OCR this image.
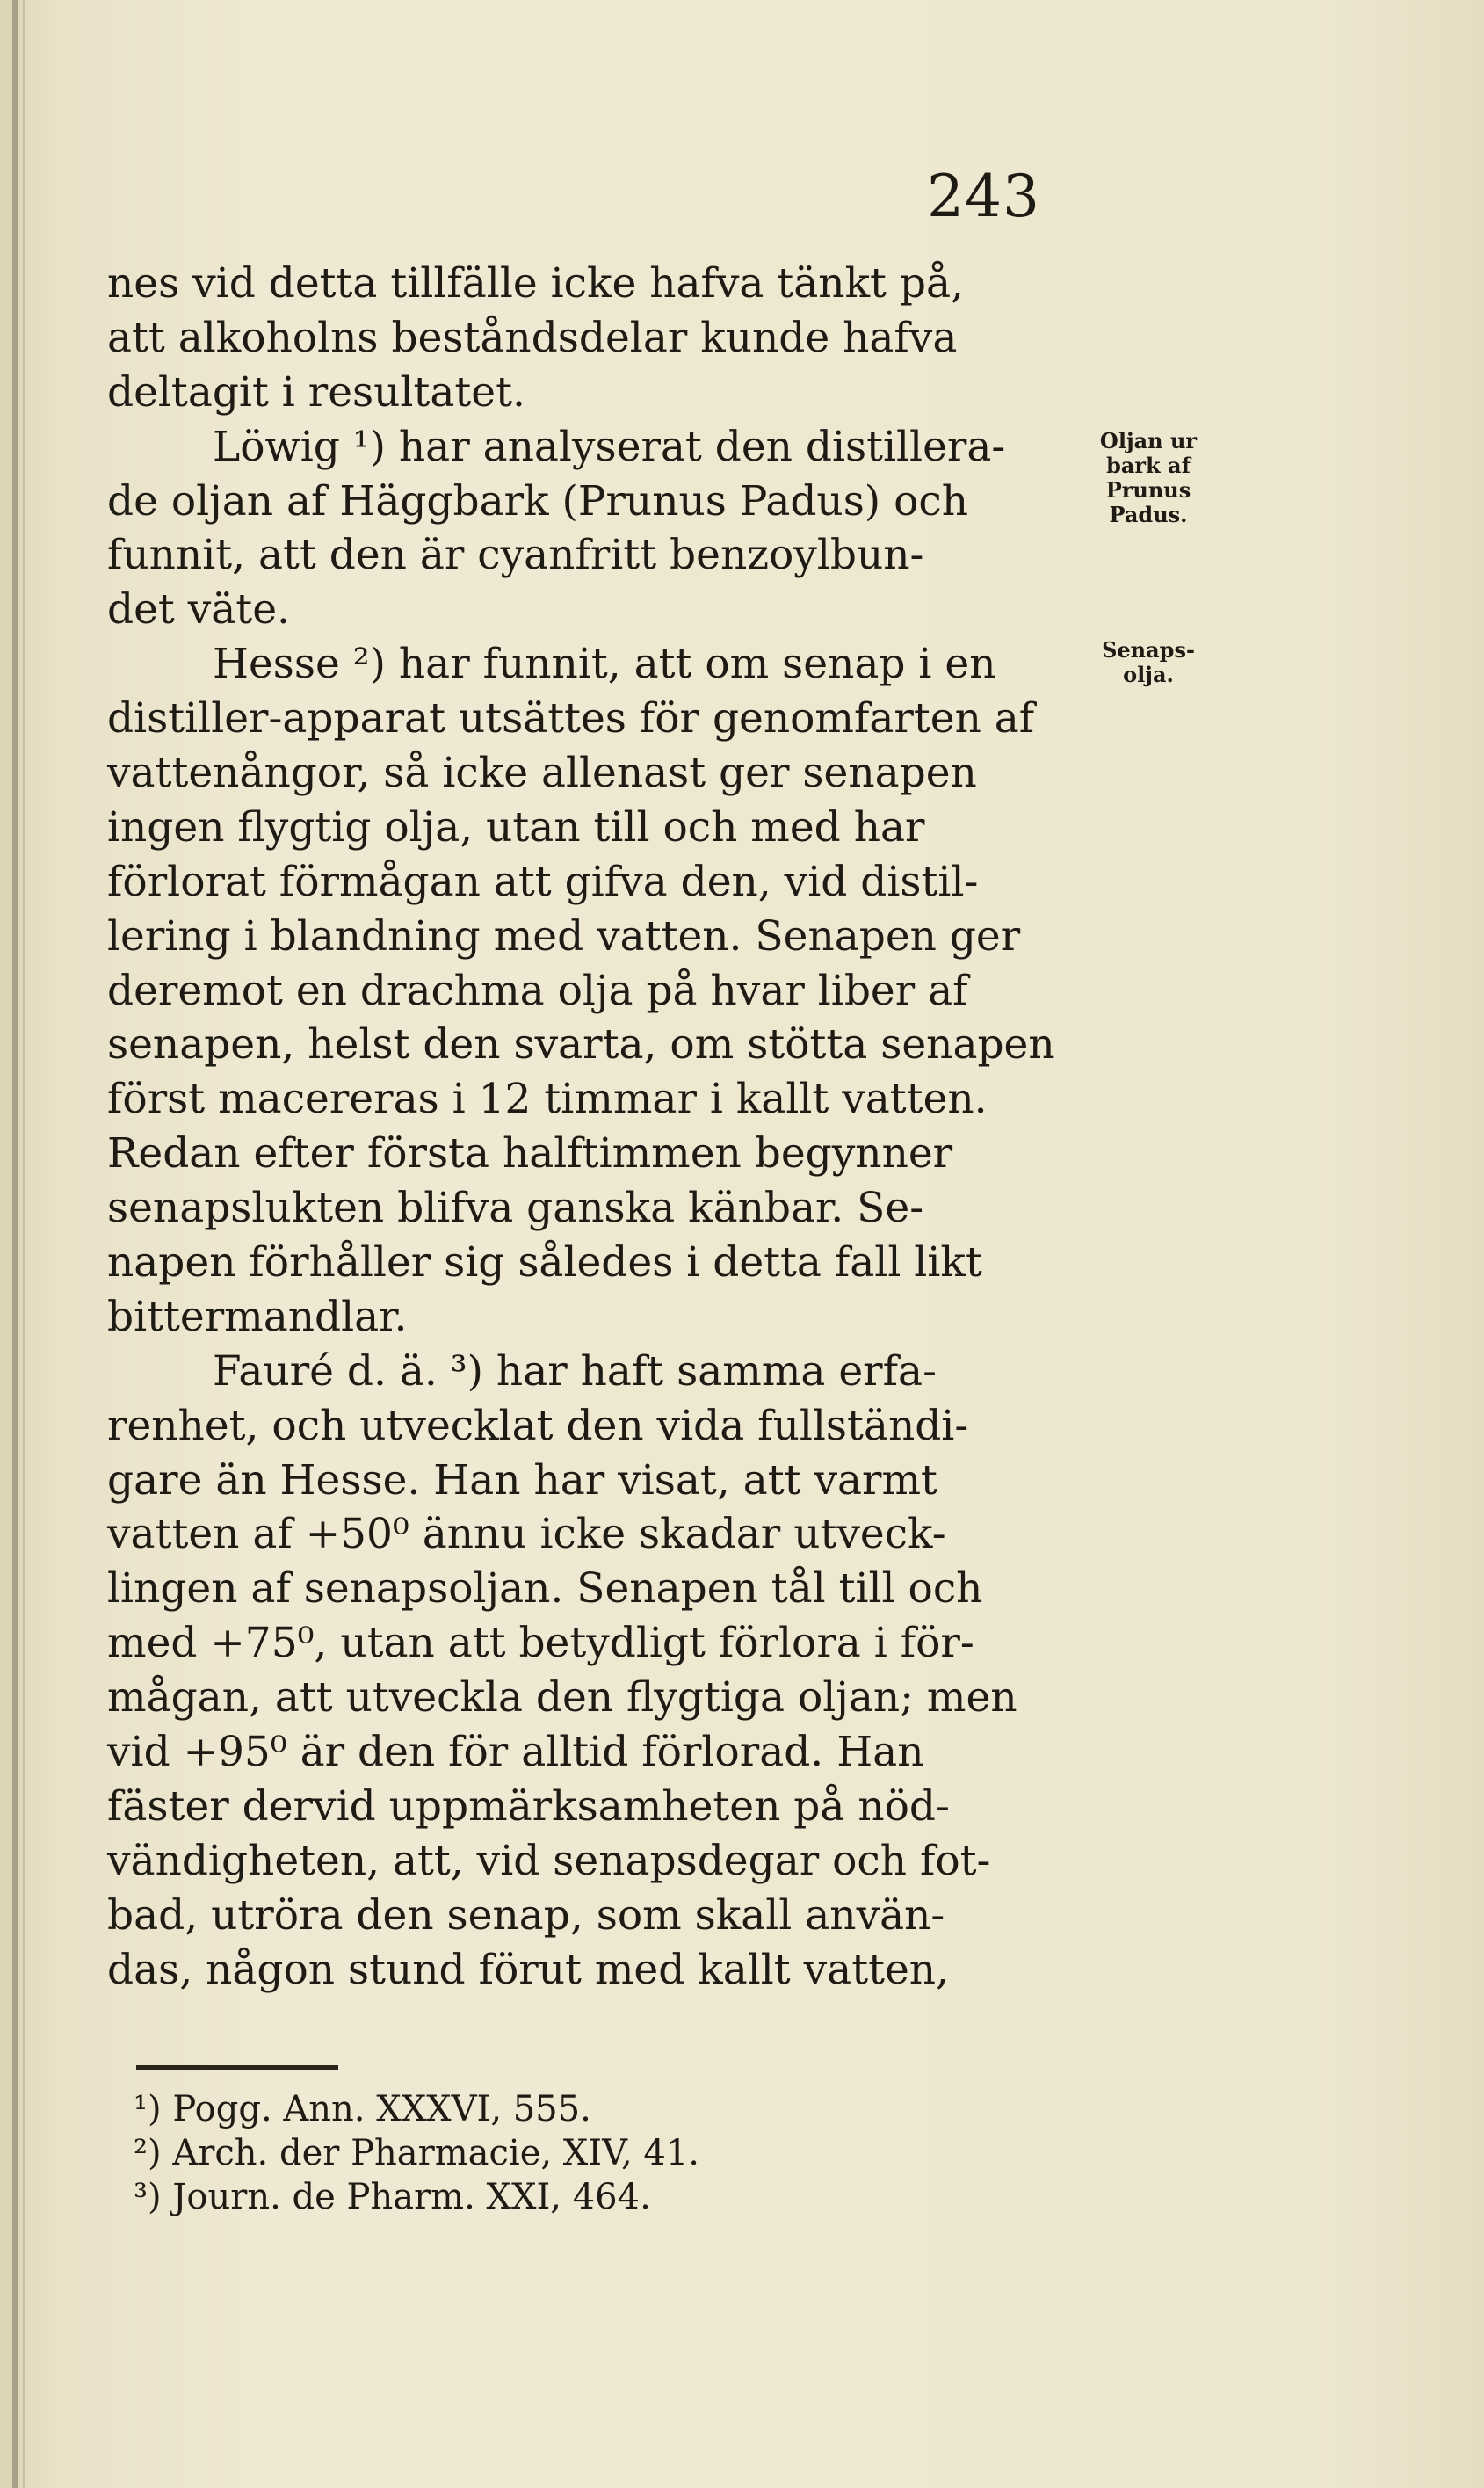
243
nes vid detta tillfälle icke hafva tänkt på,
att alkoholns beståndsdelar kunde hafva
deltagit i resultatet.
Löwig ¹) har analyserat den distillera-
de oljan af Häggbark (Prunus Padus) och
funnit, att den är cyanfritt benzoylbun-
det väte.
Hesse ²) har funnit, att om senap i en
distiller-apparat utsättes för genomfarten af
vattenångor, så icke allenast ger senapen
ingen flygtig olja, utan till och med har
förlorat förmågan att gifva den, vid distil-
lering i blandning med vatten. Senapen ger
deremot en drachma olja på hvar liber af
senapen, helst den svarta, om stötta senapen
först macereras i 12 timmar i kallt vatten.
Redan efter första halftimmen begynner
senapslukten blifva ganska känbar. Se-
napen förhåller sig således i detta fall likt
bittermandlar.
Fauré d. ä. ³) har haft samma erfa-
renhet, och utvecklat den vida fullständi-
gare än Hesse. Han har visat, att varmt
vatten af +50⁰ ännu icke skadar utveck-
lingen af senapsoljan. Senapen tål till och
med +75⁰, utan att betydligt förlora i för-
mågan, att utveckla den flygtiga oljan; men
vid +95⁰ är den för alltid förlorad. Han
fäster dervid uppmärksamheten på nöd-
vändigheten, att, vid senapsdegar och fot-
bad, utröra den senap, som skall använ-
das, någon stund förut med kallt vatten,
Oljan ur
bark af
Prunus
Padus.
Senaps-
olja.
¹) Pogg. Ann. XXXVI, 555.
²) Arch. der Pharmacie, XIV, 41.
³) Journ. de Pharm. XXI, 464.
